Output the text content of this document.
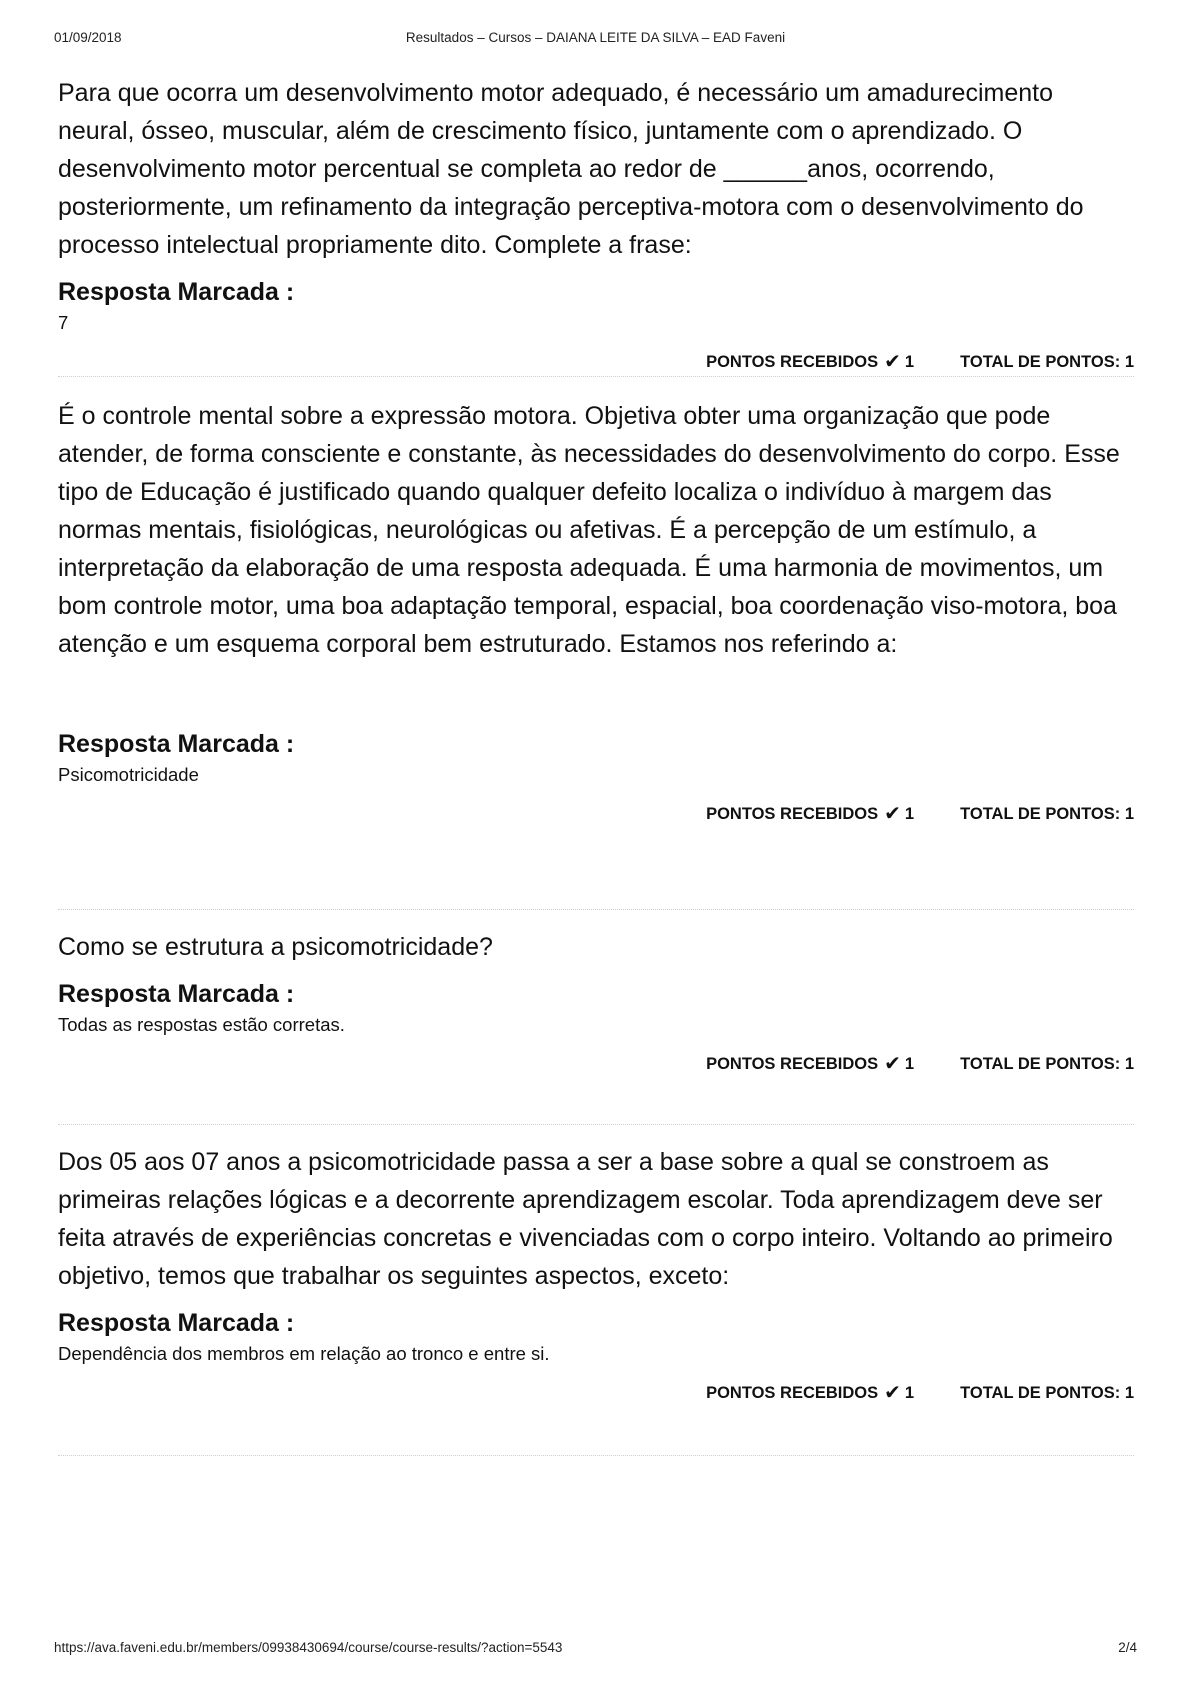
01/09/2018	Resultados – Cursos – DAIANA LEITE DA SILVA – EAD Faveni

Para que ocorra um desenvolvimento motor adequado, é necessário um amadurecimento neural, ósseo, muscular, além de crescimento físico, juntamente com o aprendizado. O desenvolvimento motor percentual se completa ao redor de ______anos, ocorrendo, posteriormente, um refinamento da integração perceptiva-motora com o desenvolvimento do processo intelectual propriamente dito. Complete a frase:

Resposta Marcada :

7

PONTOS RECEBIDOS ✔ 1	TOTAL DE PONTOS: 1

É o controle mental sobre a expressão motora. Objetiva obter uma organização que pode atender, de forma consciente e constante, às necessidades do desenvolvimento do corpo. Esse tipo de Educação é justificado quando qualquer defeito localiza o indivíduo à margem das normas mentais, fisiológicas, neurológicas ou afetivas. É a percepção de um estímulo, a interpretação da elaboração de uma resposta adequada. É uma harmonia de movimentos, um bom controle motor, uma boa adaptação temporal, espacial, boa coordenação viso-motora, boa atenção e um esquema corporal bem estruturado. Estamos nos referindo a:

Resposta Marcada :

Psicomotricidade

PONTOS RECEBIDOS ✔ 1	TOTAL DE PONTOS: 1

Como se estrutura a psicomotricidade?

Resposta Marcada :

Todas as respostas estão corretas.

PONTOS RECEBIDOS ✔ 1	TOTAL DE PONTOS: 1

Dos 05 aos 07 anos a psicomotricidade passa a ser a base sobre a qual se constroem as primeiras relações lógicas e a decorrente aprendizagem escolar. Toda aprendizagem deve ser feita através de experiências concretas e vivenciadas com o corpo inteiro. Voltando ao primeiro objetivo, temos que trabalhar os seguintes aspectos, exceto:

Resposta Marcada :

Dependência dos membros em relação ao tronco e entre si.

PONTOS RECEBIDOS ✔ 1	TOTAL DE PONTOS: 1
https://ava.faveni.edu.br/members/09938430694/course/course-results/?action=5543	2/4
